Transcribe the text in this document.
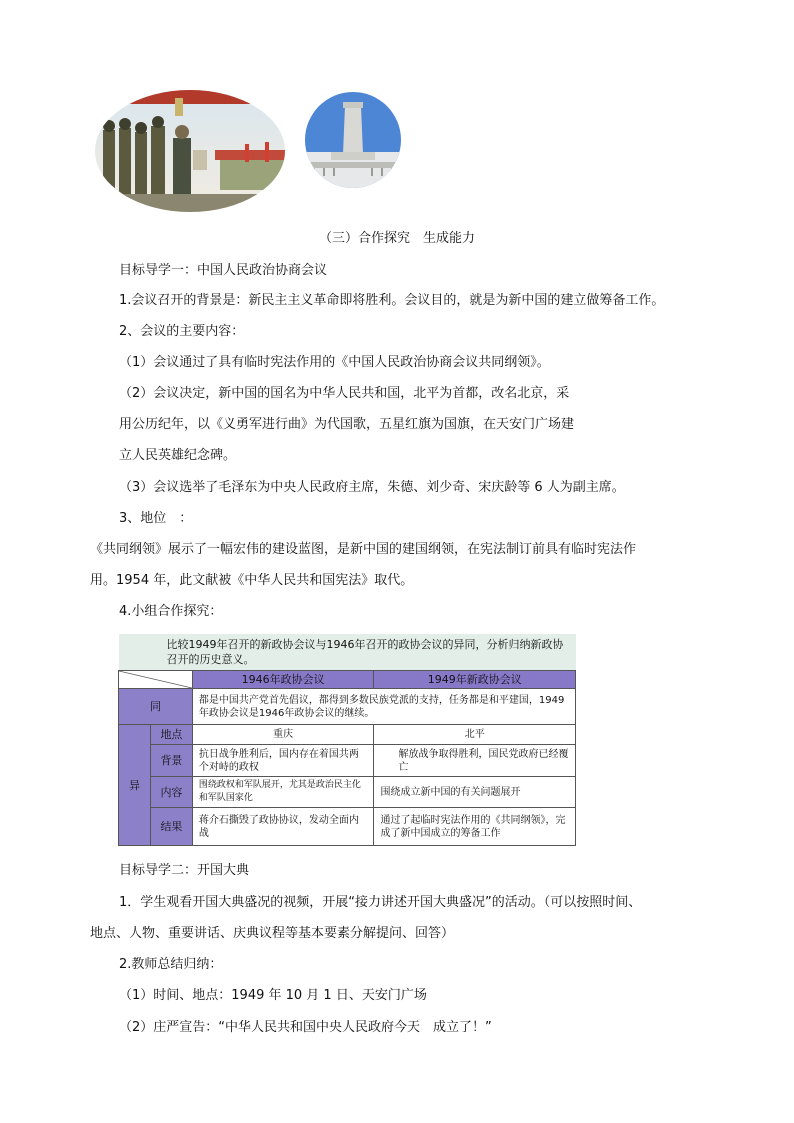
（三）合作探究　生成能力
目标导学一：中国人民政治协商会议
1.会议召开的背景是：新民主主义革命即将胜利。会议目的，就是为新中国的建立做筹备工作。
2、会议的主要内容：
（1）会议通过了具有临时宪法作用的《中国人民政治协商会议共同纲领》。
（2）会议决定，新中国的国名为中华人民共和国，北平为首都，改名北京，采
用公历纪年，以《义勇军进行曲》为代国歌，五星红旗为国旗，在天安门广场建
立人民英雄纪念碑。
（3）会议选举了毛泽东为中央人民政府主席，朱德、刘少奇、宋庆龄等 6 人为副主席。
3、地位　：
《共同纲领》展示了一幅宏伟的建设蓝图，是新中国的建国纲领，在宪法制订前具有临时宪法作
用。1954 年，此文献被《中华人民共和国宪法》取代。
4.小组合作探究：
比较1949年召开的新政协会议与1946年召开的政协会议的异同，分析归纳新政协召开的历史意义。			

	1946年政协会议	1949年新政协会议
同		都是中国共产党首先倡议，都得到多数民族党派的支持，任务都是和平建国，1949年政协会议是1946年政协会议的继续。	
异	地点	重庆	北平
	背景	抗日战争胜利后，国内存在着国共两个对峙的政权	解放战争取得胜利，国民党政府已经覆亡
	内容	围绕政权和军队展开，尤其是政治民主化和军队国家化	围绕成立新中国的有关问题展开
	结果	蒋介石撕毁了政协协议，发动全面内战	通过了起临时宪法作用的《共同纲领》，完成了新中国成立的筹备工作
目标导学二：开国大典
1．学生观看开国大典盛况的视频，开展“接力讲述开国大典盛况”的活动。（可以按照时间、
地点、人物、重要讲话、庆典议程等基本要素分解提问、回答）
2.教师总结归纳：
（1）时间、地点：1949 年 10 月 1 日、天安门广场
（2）庄严宣告：“中华人民共和国中央人民政府今天　成立了！”
